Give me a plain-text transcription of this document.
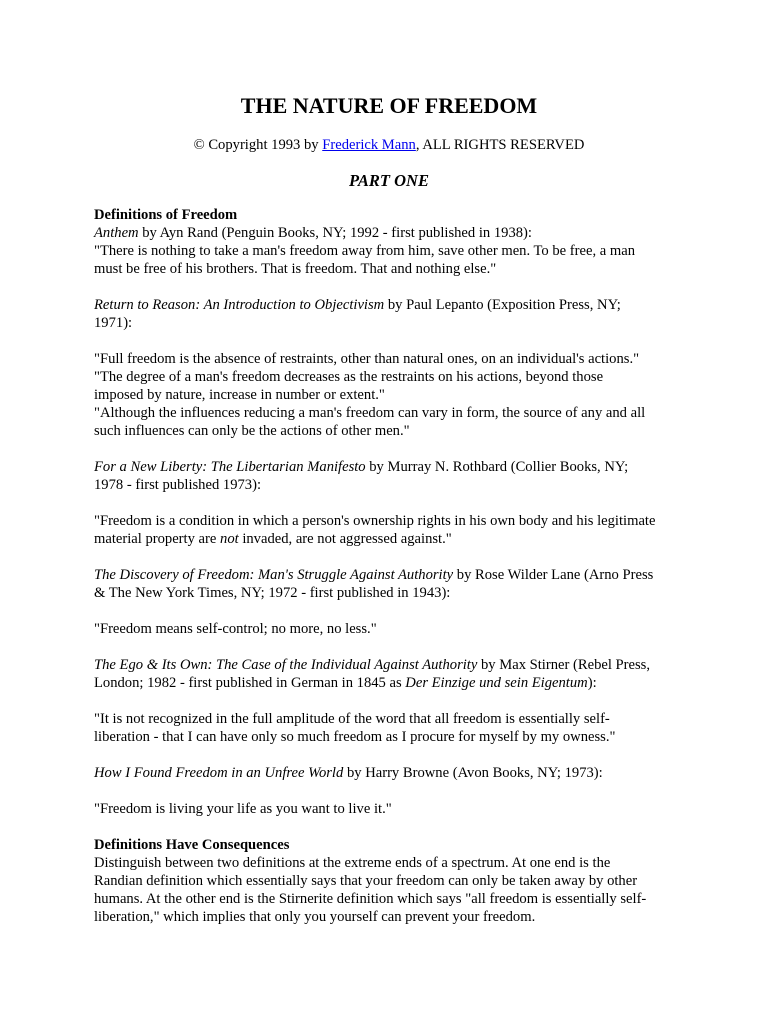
THE NATURE OF FREEDOM

© Copyright 1993 by Frederick Mann, ALL RIGHTS RESERVED

PART ONE

Definitions of Freedom

Anthem by Ayn Rand (Penguin Books, NY; 1992 - first published in 1938):

"There is nothing to take a man's freedom away from him, save other men. To be free, a man

must be free of his brothers. That is freedom. That and nothing else."

Return to Reason: An Introduction to Objectivism by Paul Lepanto (Exposition Press, NY;

1971):

"Full freedom is the absence of restraints, other than natural ones, on an individual's actions."

"The degree of a man's freedom decreases as the restraints on his actions, beyond those

imposed by nature, increase in number or extent."

"Although the influences reducing a man's freedom can vary in form, the source of any and all

such influences can only be the actions of other men."

For a New Liberty: The Libertarian Manifesto by Murray N. Rothbard (Collier Books, NY;

1978 - first published 1973):

"Freedom is a condition in which a person's ownership rights in his own body and his legitimate

material property are not invaded, are not aggressed against."

The Discovery of Freedom: Man's Struggle Against Authority by Rose Wilder Lane (Arno Press

& The New York Times, NY; 1972 - first published in 1943):

"Freedom means self-control; no more, no less."

The Ego & Its Own: The Case of the Individual Against Authority by Max Stirner (Rebel Press,

London; 1982 - first published in German in 1845 as Der Einzige und sein Eigentum):

"It is not recognized in the full amplitude of the word that all freedom is essentially self-

liberation - that I can have only so much freedom as I procure for myself by my owness."

How I Found Freedom in an Unfree World by Harry Browne (Avon Books, NY; 1973):

"Freedom is living your life as you want to live it."

Definitions Have Consequences

Distinguish between two definitions at the extreme ends of a spectrum. At one end is the

Randian definition which essentially says that your freedom can only be taken away by other

humans. At the other end is the Stirnerite definition which says "all freedom is essentially self-

liberation," which implies that only you yourself can prevent your freedom.
